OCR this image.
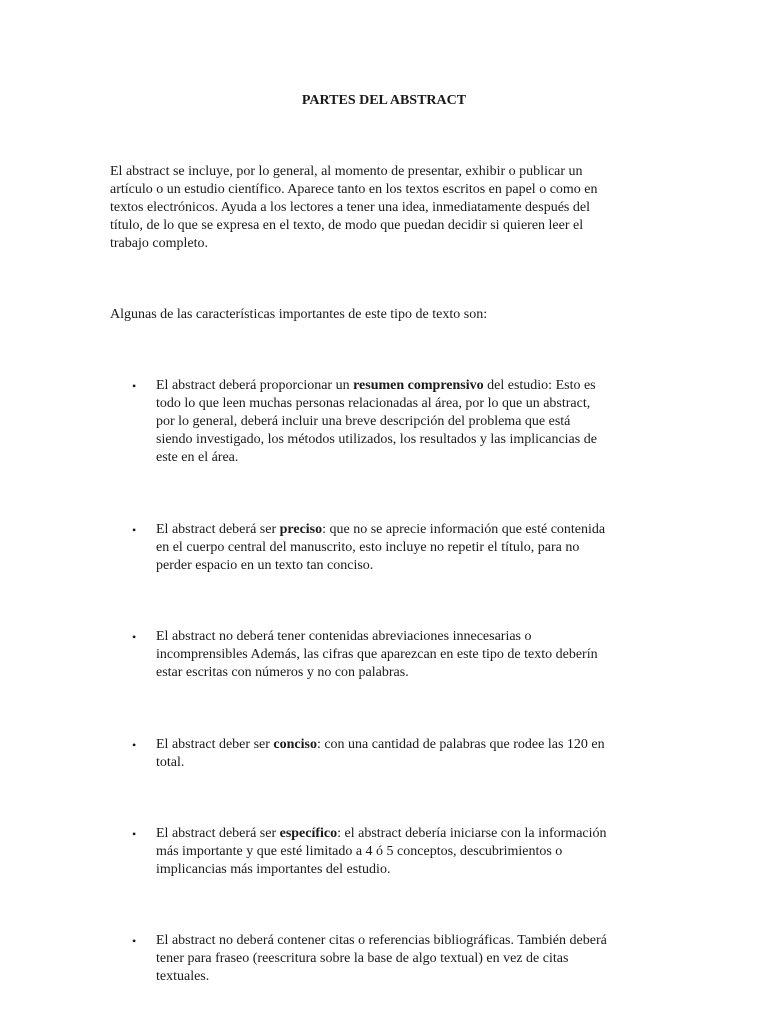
PARTES DEL ABSTRACT

El abstract se incluye, por lo general, al momento de presentar, exhibir o publicar un

artículo o un estudio científico. Aparece tanto en los textos escritos en papel o como en

textos electrónicos. Ayuda a los lectores a tener una idea, inmediatamente después del

título, de lo que se expresa en el texto, de modo que puedan decidir si quieren leer el

trabajo completo.

Algunas de las características importantes de este tipo de texto son:

• El abstract deberá proporcionar un resumen comprensivo del estudio: Esto es

todo lo que leen muchas personas relacionadas al área, por lo que un abstract,

por lo general, deberá incluir una breve descripción del problema que está

siendo investigado, los métodos utilizados, los resultados y las implicancias de

este en el área.

• El abstract deberá ser preciso: que no se aprecie información que esté contenida

en el cuerpo central del manuscrito, esto incluye no repetir el título, para no

perder espacio en un texto tan conciso.

• El abstract no deberá tener contenidas abreviaciones innecesarias o

incomprensibles Además, las cifras que aparezcan en este tipo de texto deberín

estar escritas con números y no con palabras.

• El abstract deber ser conciso: con una cantidad de palabras que rodee las 120 en

total.

• El abstract deberá ser específico: el abstract debería iniciarse con la información

más importante y que esté limitado a 4 ó 5 conceptos, descubrimientos o

implicancias más importantes del estudio.

• El abstract no deberá contener citas o referencias bibliográficas. También deberá

tener para fraseo (reescritura sobre la base de algo textual) en vez de citas

textuales.
